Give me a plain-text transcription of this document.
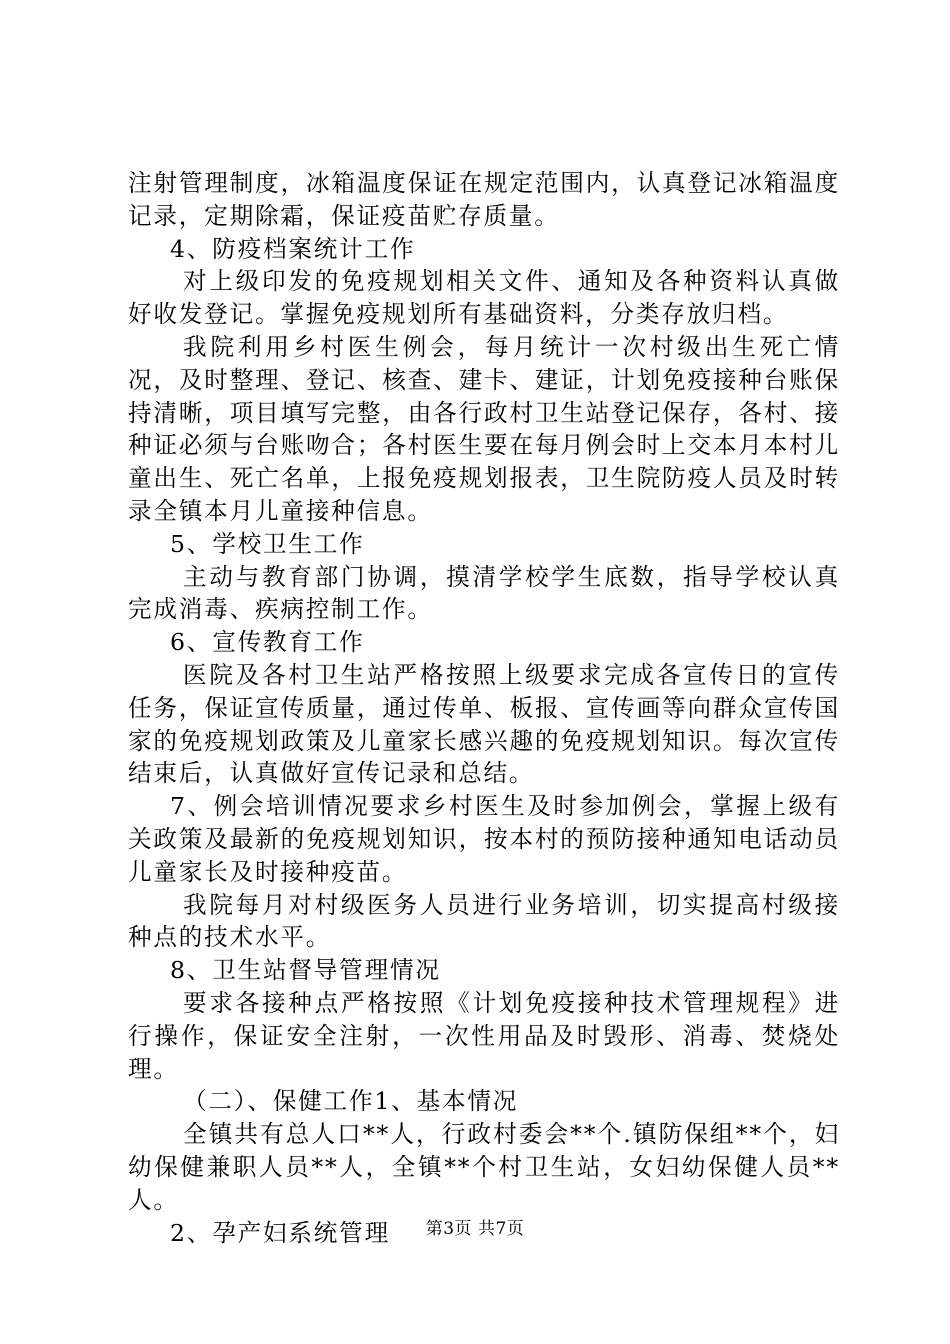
注射管理制度，冰箱温度保证在规定范围内，认真登记冰箱温度记录，定期除霜，保证疫苗贮存质量。

4、防疫档案统计工作

对上级印发的免疫规划相关文件、通知及各种资料认真做好收发登记。掌握免疫规划所有基础资料，分类存放归档。

我院利用乡村医生例会，每月统计一次村级出生死亡情况，及时整理、登记、核查、建卡、建证，计划免疫接种台账保持清晰，项目填写完整，由各行政村卫生站登记保存，各村、接种证必须与台账吻合；各村医生要在每月例会时上交本月本村儿童出生、死亡名单，上报免疫规划报表，卫生院防疫人员及时转录全镇本月儿童接种信息。

5、学校卫生工作

主动与教育部门协调，摸清学校学生底数，指导学校认真完成消毒、疾病控制工作。

6、宣传教育工作

医院及各村卫生站严格按照上级要求完成各宣传日的宣传任务，保证宣传质量，通过传单、板报、宣传画等向群众宣传国家的免疫规划政策及儿童家长感兴趣的免疫规划知识。每次宣传结束后，认真做好宣传记录和总结。

7、例会培训情况要求乡村医生及时参加例会，掌握上级有关政策及最新的免疫规划知识，按本村的预防接种通知电话动员儿童家长及时接种疫苗。

我院每月对村级医务人员进行业务培训，切实提高村级接种点的技术水平。

8、卫生站督导管理情况

要求各接种点严格按照《计划免疫接种技术管理规程》进行操作，保证安全注射，一次性用品及时毁形、消毒、焚烧处理。

（二）、保健工作1、基本情况

全镇共有总人口**人，行政村委会**个.镇防保组**个，妇幼保健兼职人员**人，全镇**个村卫生站，女妇幼保健人员**人。

2、孕产妇系统管理	第3页 共7页
